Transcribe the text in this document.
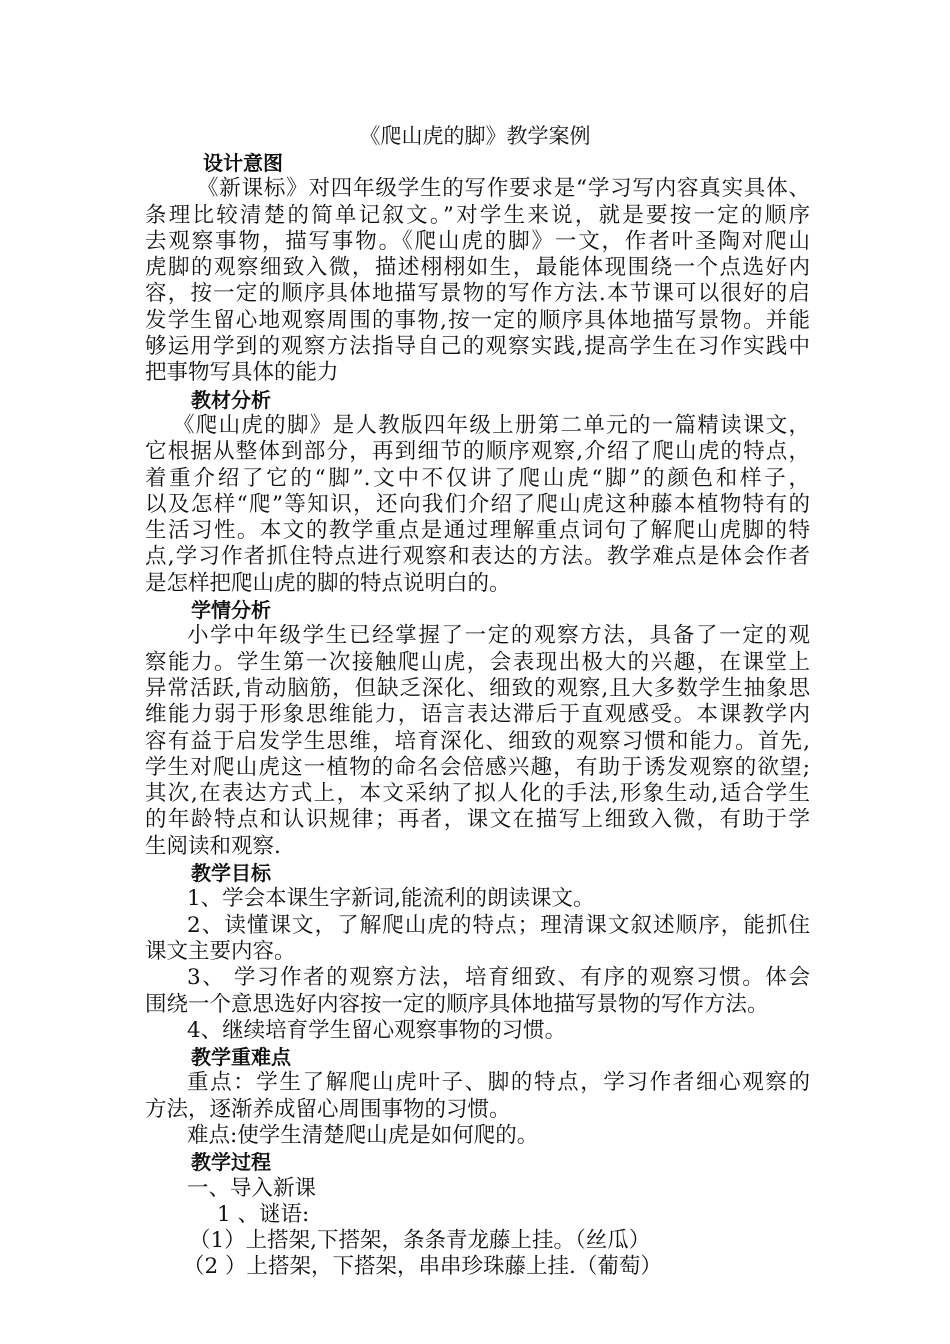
《爬山虎的脚》教学案例
设计意图
《新课标》对四年级学生的写作要求是“学习写内容真实具体、
条理比较清楚的简单记叙文。”对学生来说，就是要按一定的顺序
去观察事物，描写事物。《爬山虎的脚》一文，作者叶圣陶对爬山
虎脚的观察细致入微，描述栩栩如生，最能体现围绕一个点选好内
容，按一定的顺序具体地描写景物的写作方法.本节课可以很好的启
发学生留心地观察周围的事物,按一定的顺序具体地描写景物。并能
够运用学到的观察方法指导自己的观察实践,提高学生在习作实践中
把事物写具体的能力
教材分析
《爬山虎的脚》是人教版四年级上册第二单元的一篇精读课文，
它根据从整体到部分，再到细节的顺序观察,介绍了爬山虎的特点，
着重介绍了它的“脚”.文中不仅讲了爬山虎“脚”的颜色和样子，
以及怎样“爬”等知识，还向我们介绍了爬山虎这种藤本植物特有的
生活习性。本文的教学重点是通过理解重点词句了解爬山虎脚的特
点,学习作者抓住特点进行观察和表达的方法。教学难点是体会作者
是怎样把爬山虎的脚的特点说明白的。
学情分析
小学中年级学生已经掌握了一定的观察方法，具备了一定的观
察能力。学生第一次接触爬山虎，会表现出极大的兴趣，在课堂上
异常活跃,肯动脑筋，但缺乏深化、细致的观察,且大多数学生抽象思
维能力弱于形象思维能力，语言表达滞后于直观感受。本课教学内
容有益于启发学生思维，培育深化、细致的观察习惯和能力。首先,
学生对爬山虎这一植物的命名会倍感兴趣，有助于诱发观察的欲望;
其次,在表达方式上，本文采纳了拟人化的手法,形象生动,适合学生
的年龄特点和认识规律；再者，课文在描写上细致入微，有助于学
生阅读和观察.
教学目标
1、学会本课生字新词,能流利的朗读课文。
2、读懂课文，了解爬山虎的特点；理清课文叙述顺序，能抓住
课文主要内容。
3、 学习作者的观察方法，培育细致、有序的观察习惯。体会
围绕一个意思选好内容按一定的顺序具体地描写景物的写作方法。
4、继续培育学生留心观察事物的习惯。
教学重难点
重点：学生了解爬山虎叶子、脚的特点，学习作者细心观察的
方法，逐渐养成留心周围事物的习惯。
难点:使学生清楚爬山虎是如何爬的。
教学过程
一、导入新课
1 、谜语:
（1）上搭架,下搭架，条条青龙藤上挂。（丝瓜）
（2 ）上搭架，下搭架，串串珍珠藤上挂.（葡萄）
